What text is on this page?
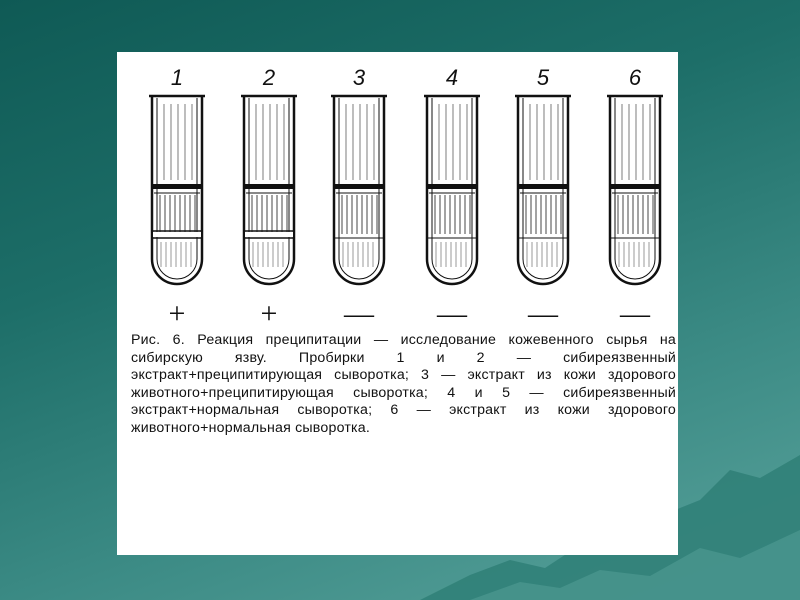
1	2	3	4	5	6
+	+	— — — —
Рис. 6. Реакция преципитации — исследование кожевенного сырья на сибирскую язву. Пробирки 1 и 2 — сибиреязвенный экстракт+преципитирующая сыворотка; 3 — экстракт из кожи здорового животного+преципитирующая сыворотка; 4 и 5 — сибиреязвенный экстракт+нормальная сыворотка; 6 — экстракт из кожи здорового животного+нормальная сыворотка.
